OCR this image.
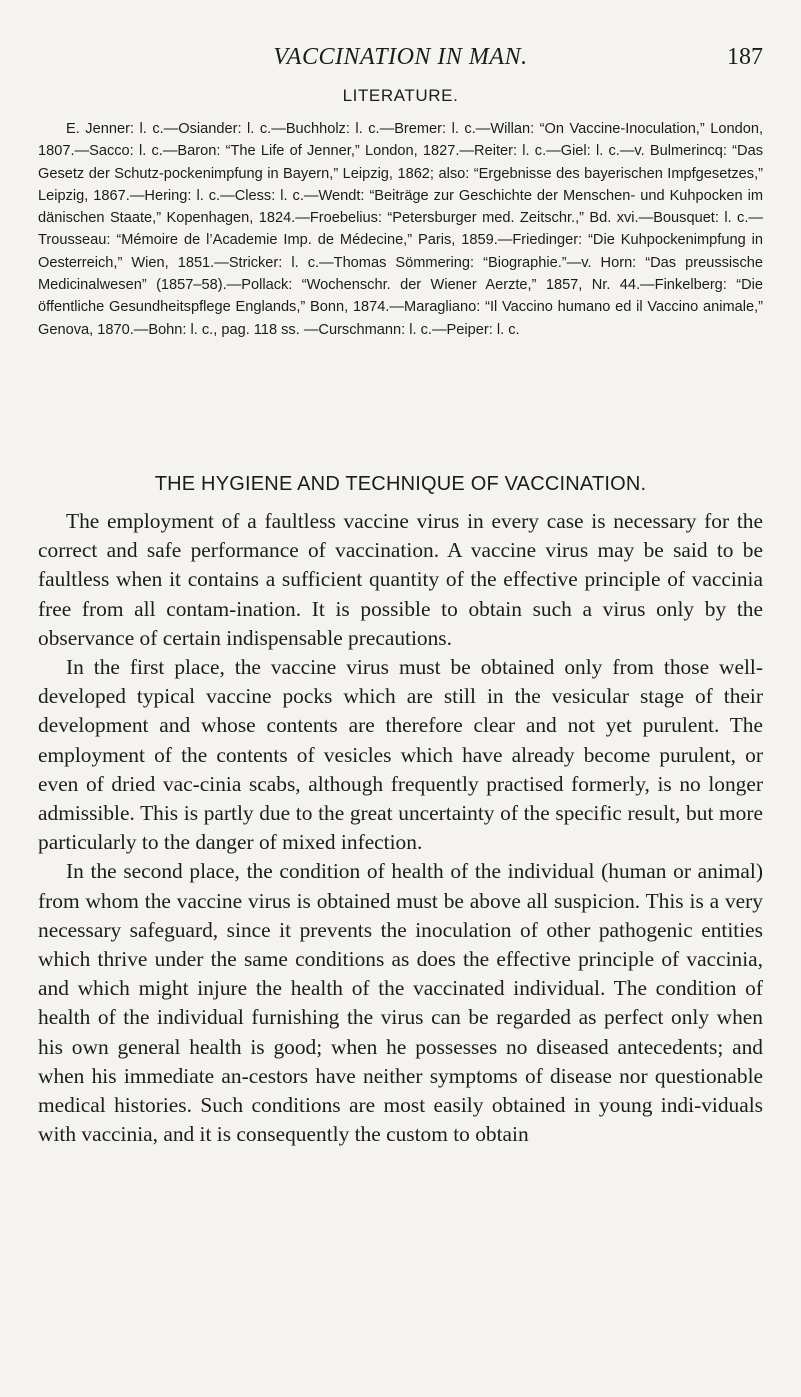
VACCINATION IN MAN.	187
LITERATURE.

E. Jenner: l. c.—Osiander: l. c.—Buchholz: l. c.—Bremer: l. c.—Willan: “On Vaccine-Inoculation,” London, 1807.—Sacco: l. c.—Baron: “The Life of Jenner,” London, 1827.—Reiter: l. c.—Giel: l. c.—v. Bulmerincq: “Das Gesetz der Schutz-pockenimpfung in Bayern,” Leipzig, 1862; also: “Ergebnisse des bayerischen Impfgesetzes,” Leipzig, 1867.—Hering: l. c.—Cless: l. c.—Wendt: “Beiträge zur Geschichte der Menschen- und Kuhpocken im dänischen Staate,” Kopenhagen, 1824.—Froebelius: “Petersburger med. Zeitschr.,” Bd. xvi.—Bousquet: l. c.—Trousseau: “Mémoire de l’Academie Imp. de Médecine,” Paris, 1859.—Friedinger: “Die Kuhpockenimpfung in Oesterreich,” Wien, 1851.—Stricker: l. c.—Thomas Sömmering: “Biographie.”—v. Horn: “Das preussische Medicinalwesen” (1857–58).—Pollack: “Wochenschr. der Wiener Aerzte,” 1857, Nr. 44.—Finkelberg: “Die öffentliche Gesundheitspflege Englands,” Bonn, 1874.—Maragliano: “Il Vaccino humano ed il Vaccino animale,” Genova, 1870.—Bohn: l. c., pag. 118 ss. —Curschmann: l. c.—Peiper: l. c.

THE HYGIENE AND TECHNIQUE OF VACCINATION.

The employment of a faultless vaccine virus in every case is necessary for the correct and safe performance of vaccination. A vaccine virus may be said to be faultless when it contains a sufficient quantity of the effective principle of vaccinia free from all contam-ination. It is possible to obtain such a virus only by the observance of certain indispensable precautions.

In the first place, the vaccine virus must be obtained only from those well-developed typical vaccine pocks which are still in the vesicular stage of their development and whose contents are therefore clear and not yet purulent. The employment of the contents of vesicles which have already become purulent, or even of dried vac-cinia scabs, although frequently practised formerly, is no longer admissible. This is partly due to the great uncertainty of the specific result, but more particularly to the danger of mixed infection.

In the second place, the condition of health of the individual (human or animal) from whom the vaccine virus is obtained must be above all suspicion. This is a very necessary safeguard, since it prevents the inoculation of other pathogenic entities which thrive under the same conditions as does the effective principle of vaccinia, and which might injure the health of the vaccinated individual. The condition of health of the individual furnishing the virus can be regarded as perfect only when his own general health is good; when he possesses no diseased antecedents; and when his immediate an-cestors have neither symptoms of disease nor questionable medical histories. Such conditions are most easily obtained in young indi-viduals with vaccinia, and it is consequently the custom to obtain
